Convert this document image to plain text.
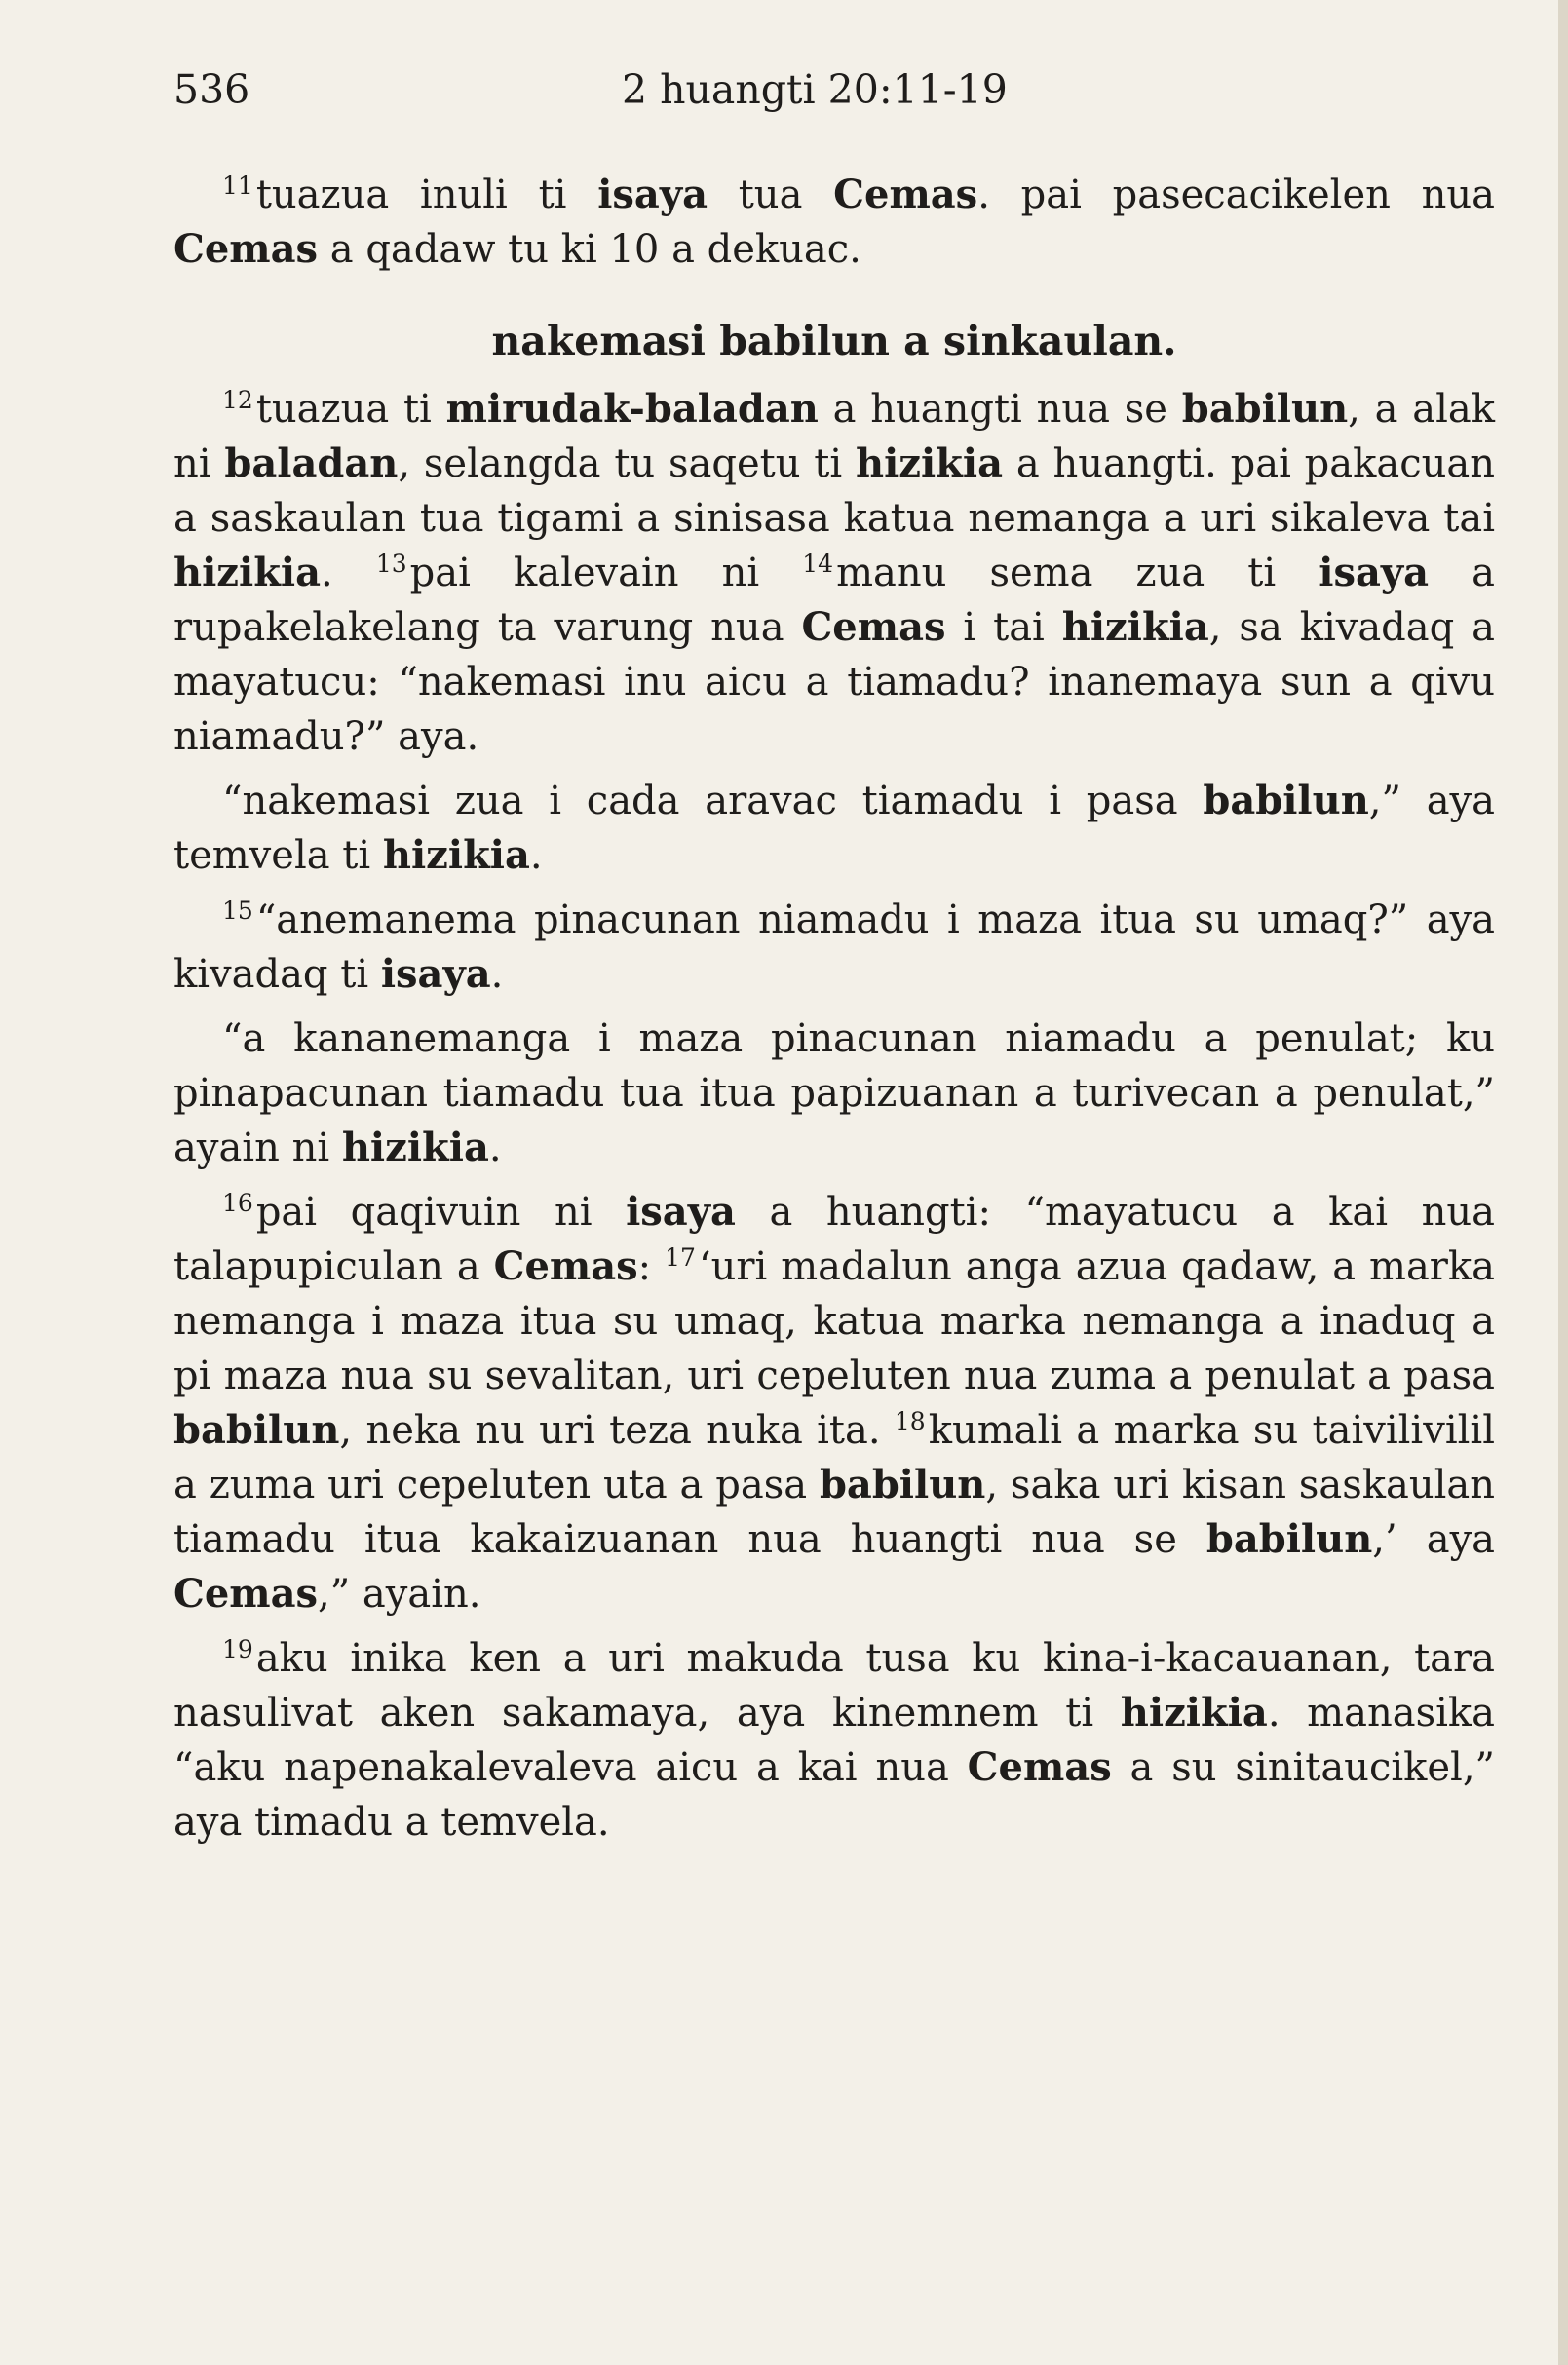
536	2 huangti 20:11-19

$^{11}$tuazua inuli ti isaya tua Cemas. pai pasecacikelen nua Cemas a qadaw tu ki 10 a dekuac.

nakemasi babilun a sinkaulan.

$^{12}$tuazua ti mirudak-baladan a huangti nua se babilun, a alak ni baladan, selangda tu saqetu ti hizikia a huangti. pai pakacuan a saskaulan tua tigami a sinisasa katua nemanga a uri sikaleva tai hizikia. $^{13}$pai kalevain ni $^{14}$manu sema zua ti isaya a rupakelakelang ta varung nua Cemas i tai hizikia, sa kivadaq a mayatucu: “nakemasi inu aicu a tiamadu? inanemaya sun a qivu niamadu?” aya.

“nakemasi zua i cada aravac tiamadu i pasa babilun,” aya temvela ti hizikia.

$^{15}$“anemanema pinacunan niamadu i maza itua su umaq?” aya kivadaq ti isaya.

“a kananemanga i maza pinacunan niamadu a penulat; ku pinapacunan tiamadu tua itua papizuanan a turivecan a penulat,” ayain ni hizikia.

$^{16}$pai qaqivuin ni isaya a huangti: “mayatucu a kai nua talapupiculan a Cemas: $^{17}$‘uri madalun anga azua qadaw, a marka nemanga i maza itua su umaq, katua marka nemanga a inaduq a pi maza nua su sevalitan, uri cepeluten nua zuma a penulat a pasa babilun, neka nu uri teza nuka ita. $^{18}$kumali a marka su taivilivilil a zuma uri cepeluten uta a pasa babilun, saka uri kisan saskaulan tiamadu itua kakaizuanan nua huangti nua se babilun,’ aya Cemas,” ayain.

$^{19}$aku inika ken a uri makuda tusa ku kina-i-kacauanan, tara nasulivat aken sakamaya, aya kinemnem ti hizikia. manasika “aku napenakalevaleva aicu a kai nua Cemas a su sinitaucikel,” aya timadu a temvela.
